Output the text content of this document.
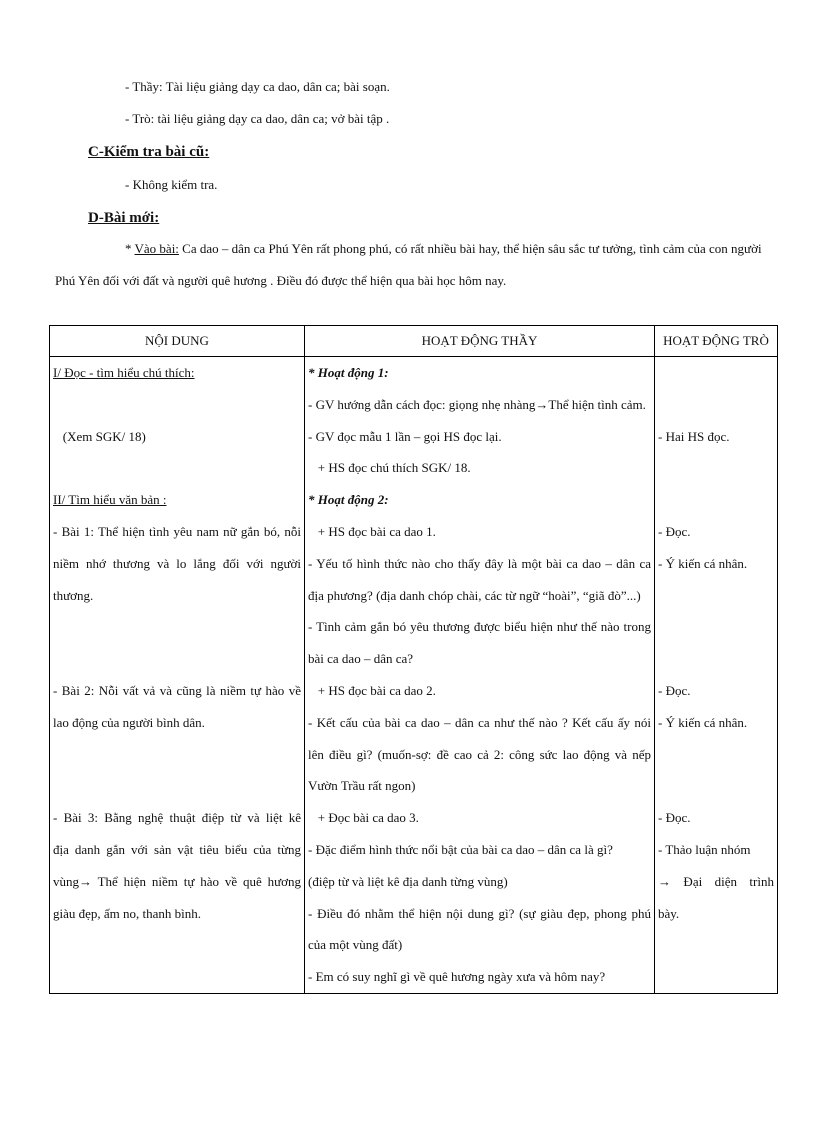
- Thầy: Tài liệu giảng dạy ca dao, dân ca; bài soạn.
- Trò: tài liệu giảng dạy ca dao, dân ca; vở bài tập .
C-Kiểm tra bài cũ:
- Không kiểm tra.
D-Bài mới:
* Vào bài: Ca dao – dân ca Phú Yên rất phong phú, có rất nhiều bài hay, thể hiện sâu sắc tư tưởng, tình cảm của con người
Phú Yên đối với đất và người quê hương . Điều đó được thể hiện qua bài học hôm nay.
NỘI DUNG	HOẠT ĐỘNG THẦY	HOẠT ĐỘNG TRÒ
I/ Đọc - tìm hiểu chú thích:	* Hoạt động 1:	
	- GV hướng dẫn cách đọc: giọng nhẹ nhàng→Thể hiện tình cảm.	
(Xem SGK/ 18)	- GV đọc mẫu 1 lần – gọi HS đọc lại.	- Hai HS đọc.
	+ HS đọc chú thích SGK/ 18.	
II/ Tìm hiểu văn bản :	* Hoạt động 2:	
- Bài 1: Thể hiện tình yêu nam nữ gắn bó, nỗi	+ HS đọc bài ca dao 1.	- Đọc.
niềm nhớ thương và lo lắng đối với người	- Yếu tố hình thức nào cho thấy đây là một bài ca dao – dân ca	- Ý kiến cá nhân.
thương.	địa phương? (địa danh chóp chài, các từ ngữ “hoài”, “giã đò”...)	
	- Tình cảm gắn bó yêu thương được biểu hiện như thế nào trong	
	bài ca dao – dân ca?	
- Bài 2: Nỗi vất vả và cũng là niềm tự hào về	+ HS đọc bài ca dao 2.	- Đọc.
lao động của người bình dân.	- Kết cấu của bài ca dao – dân ca như thế nào ? Kết cấu ấy nói	- Ý kiến cá nhân.
	lên điều gì? (muốn-sợ: đề cao cả 2: công sức lao động và nếp	
	Vườn Trầu rất ngon)	
- Bài 3: Bằng nghệ thuật điệp từ và liệt kê	+ Đọc bài ca dao 3.	- Đọc.
địa danh gắn với sản vật tiêu biểu của từng	- Đặc điểm hình thức nổi bật của bài ca dao – dân ca là gì?	- Thảo luận nhóm
vùng→ Thể hiện niềm tự hào về quê hương	(điệp từ và liệt kê địa danh từng vùng)	→ Đại diện trình
giàu đẹp, ấm no, thanh bình.	- Điều đó nhằm thể hiện nội dung gì? (sự giàu đẹp, phong phú	bày.
	của một vùng đất)	
	- Em có suy nghĩ gì về quê hương ngày xưa và hôm nay?	
